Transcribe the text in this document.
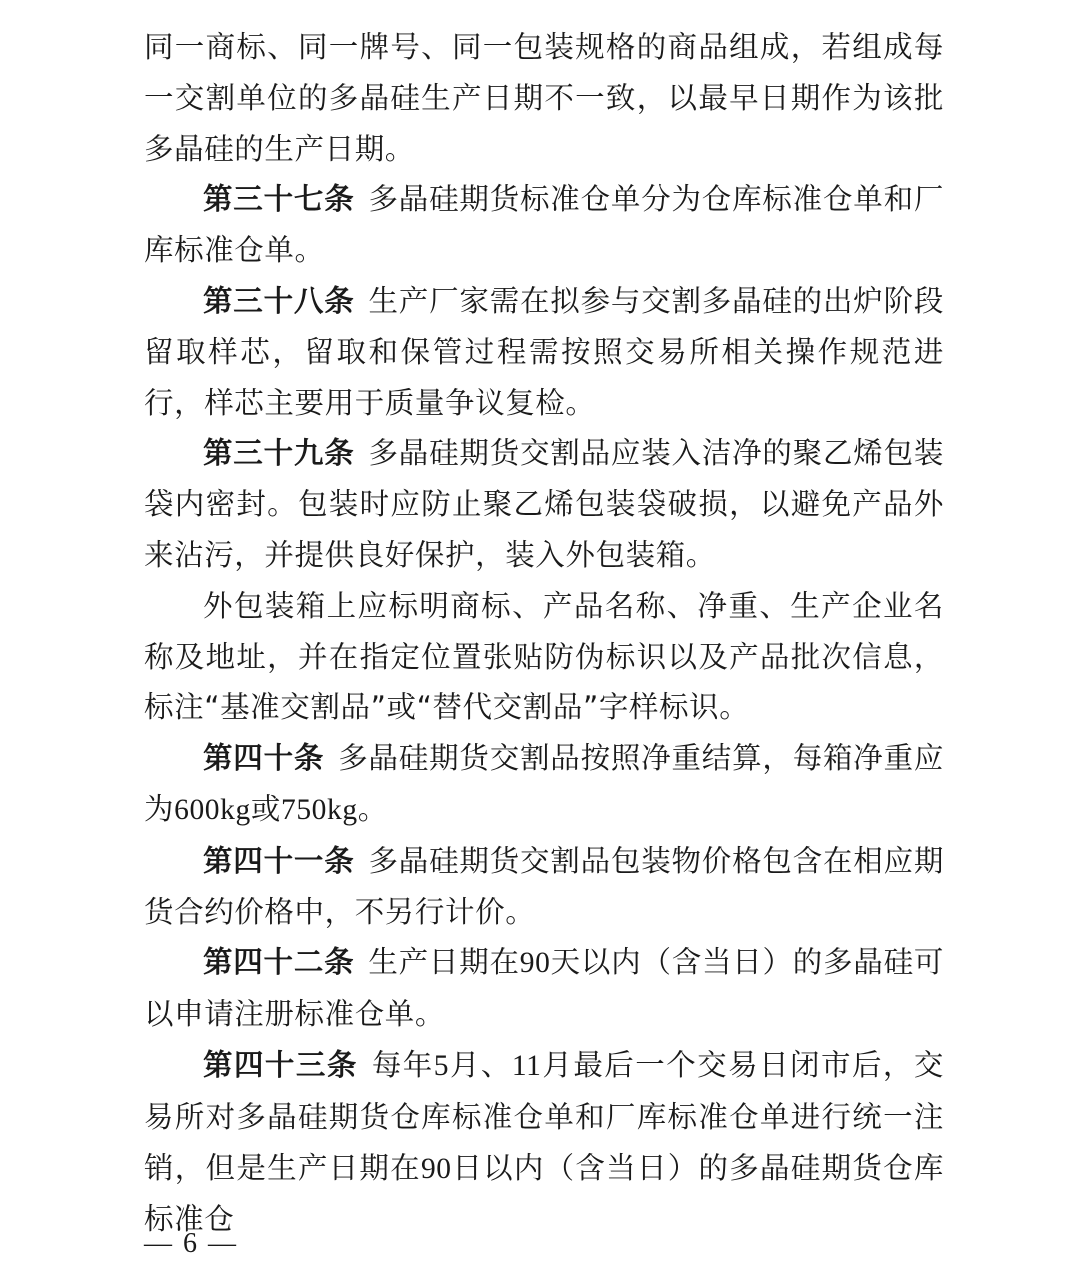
同一商标、同一牌号、同一包装规格的商品组成，若组成每一交割单位的多晶硅生产日期不一致，以最早日期作为该批多晶硅的生产日期。

第三十七条 多晶硅期货标准仓单分为仓库标准仓单和厂库标准仓单。

第三十八条 生产厂家需在拟参与交割多晶硅的出炉阶段留取样芯，留取和保管过程需按照交易所相关操作规范进行，样芯主要用于质量争议复检。

第三十九条 多晶硅期货交割品应装入洁净的聚乙烯包装袋内密封。包装时应防止聚乙烯包装袋破损，以避免产品外来沾污，并提供良好保护，装入外包装箱。

外包装箱上应标明商标、产品名称、净重、生产企业名称及地址，并在指定位置张贴防伪标识以及产品批次信息，标注“基准交割品”或“替代交割品”字样标识。

第四十条 多晶硅期货交割品按照净重结算，每箱净重应为600kg或750kg。

第四十一条 多晶硅期货交割品包装物价格包含在相应期货合约价格中，不另行计价。

第四十二条 生产日期在90天以内（含当日）的多晶硅可以申请注册标准仓单。

第四十三条 每年5月、11月最后一个交易日闭市后，交易所对多晶硅期货仓库标准仓单和厂库标准仓单进行统一注销，但是生产日期在90日以内（含当日）的多晶硅期货仓库标准仓

— 6 —
